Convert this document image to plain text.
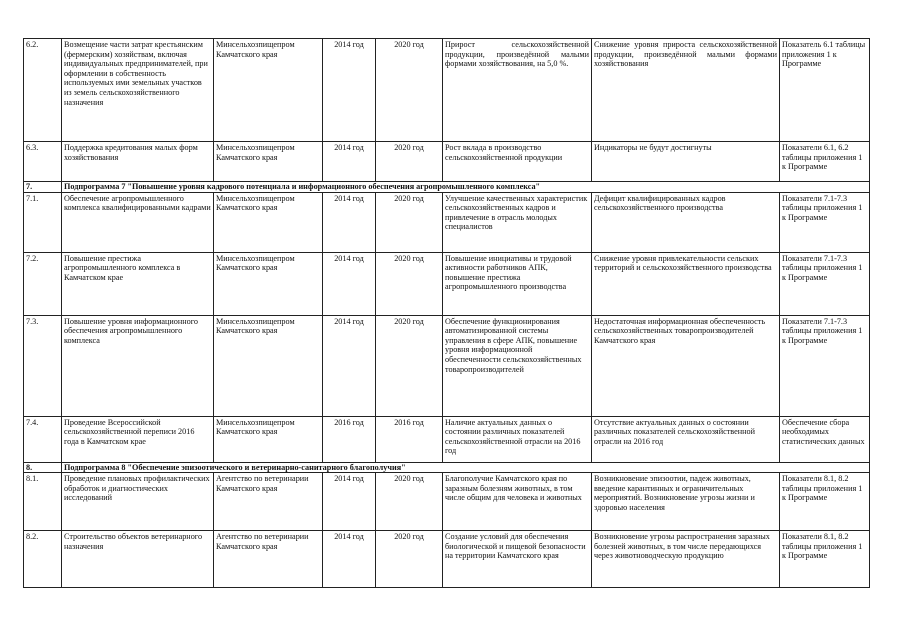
6.2.	Возмещение части затрат крестьянским (фермерским) хозяйствам, включая индивидуальных предпринимателей, при оформлении в собственность используемых ими земельных участков из земель сельскохозяйственного назначения	Минсельхозпищепром Камчатского края	2014 год	2020 год	Прирост сельскохозяйственной продукции, произведённой малыми формами хозяйствования, на 5,0 %.	Снижение уровня прироста сельскохозяйственной продукции, произведённой малыми формами хозяйствования	Показатель 6.1 таблицы приложения 1 к Программе
6.3.	Поддержка кредитования малых форм хозяйствования	Минсельхозпищепром Камчатского края	2014 год	2020 год	Рост вклада в производство сельскохозяйственной продукции	Индикаторы не будут достигнуты	Показатели 6.1, 6.2 таблицы приложения 1 к Программе
7.	Подпрограмма 7 "Повышение уровня кадрового потенциала и информационного обеспечения агропромышленного комплекса"						
7.1.	Обеспечение агропромышленного комплекса квалифицированными кадрами	Минсельхозпищепром Камчатского края	2014 год	2020 год	Улучшение качественных характеристик сельскохозяйственных кадров и привлечение в отрасль молодых специалистов	Дефицит квалифицированных кадров сельскохозяйственного производства	Показатели 7.1-7.3 таблицы приложения 1 к Программе
7.2.	Повышение престижа агропромышленного комплекса в Камчатском крае	Минсельхозпищепром Камчатского края	2014 год	2020 год	Повышение инициативы и трудовой активности работников АПК, повышение престижа агропромышленного производства	Снижение уровня привлекательности сельских территорий и сельскохозяйственного производства	Показатели 7.1-7.3 таблицы приложения 1 к Программе
7.3.	Повышение уровня информационного обеспечения агропромышленного комплекса	Минсельхозпищепром Камчатского края	2014 год	2020 год	Обеспечение функционирования автоматизированной системы управления в сфере АПК, повышение уровня информационной обеспеченности сельскохозяйственных товаропроизводителей	Недостаточная информационная обеспеченность сельскохозяйственных товаропроизводителей Камчатского края	Показатели 7.1-7.3 таблицы приложения 1 к Программе
7.4.	Проведение Всероссийской сельскохозяйственной переписи 2016 года в Камчатском крае	Минсельхозпищепром Камчатского края	2016 год	2016 год	Наличие актуальных данных о состоянии различных показателей сельскохозяйственной отрасли на 2016 год	Отсутствие актуальных данных о состоянии различных показателей сельскохозяйственной отрасли на 2016 год	Обеспечение сбора необходимых статистических данных
8.	Подпрограмма 8 "Обеспечение эпизоотического и ветеринарно-санитарного благополучия"						
8.1.	Проведение плановых профилактических обработок и диагностических исследований	Агентство по ветеринарии Камчатского края	2014 год	2020 год	Благополучие Камчатского края по заразным болезням животных, в том числе общим для человека и животных	Возникновение эпизоотии, падеж животных, введение карантинных и ограничительных мероприятий. Возникновение угрозы жизни и здоровью населения	Показатели 8.1, 8.2 таблицы приложения 1 к Программе
8.2.	Строительство объектов ветеринарного назначения	Агентство по ветеринарии Камчатского края	2014 год	2020 год	Создание условий для обеспечения биологической и пищевой безопасности на территории Камчатского края	Возникновение угрозы распространения заразных болезней животных, в том числе передающихся через животноводческую продукцию	Показатели 8.1, 8.2 таблицы приложения 1 к Программе
